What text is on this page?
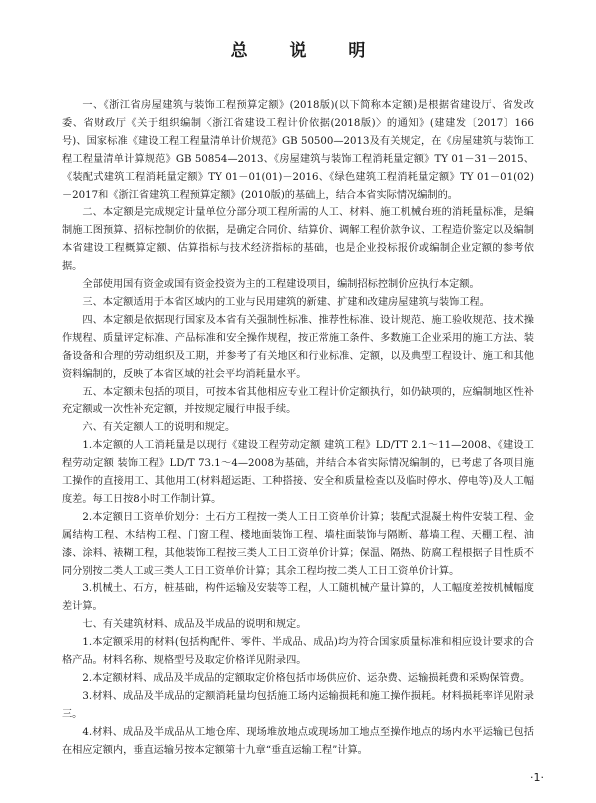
总 说 明

一、《浙江省房屋建筑与装饰工程预算定额》(2018版)(以下简称本定额)是根据省建设厅、省发改委、省财政厅《关于组织编制〈浙江省建设工程计价依据(2018版)〉的通知》(建建发〔2017〕166号)、国家标准《建设工程工程量清单计价规范》GB 50500—2013及有关规定，在《房屋建筑与装饰工程工程量清单计算规范》GB 50854—2013、《房屋建筑与装饰工程消耗量定额》TY 01－31－2015、《装配式建筑工程消耗量定额》TY 01－01(01)－2016、《绿色建筑工程消耗量定额》TY 01－01(02)－2017和《浙江省建筑工程预算定额》(2010版)的基础上，结合本省实际情况编制的。

二、本定额是完成规定计量单位分部分项工程所需的人工、材料、施工机械台班的消耗量标准，是编制施工图预算、招标控制价的依据，是确定合同价、结算价、调解工程价款争议、工程造价鉴定以及编制本省建设工程概算定额、估算指标与技术经济指标的基础，也是企业投标报价或编制企业定额的参考依据。

全部使用国有资金或国有资金投资为主的工程建设项目，编制招标控制价应执行本定额。

三、本定额适用于本省区域内的工业与民用建筑的新建、扩建和改建房屋建筑与装饰工程。

四、本定额是依据现行国家及本省有关强制性标准、推荐性标准、设计规范、施工验收规范、技术操作规程、质量评定标准、产品标准和安全操作规程，按正常施工条件、多数施工企业采用的施工方法、装备设备和合理的劳动组织及工期，并参考了有关地区和行业标准、定额，以及典型工程设计、施工和其他资料编制的，反映了本省区域的社会平均消耗量水平。

五、本定额未包括的项目，可按本省其他相应专业工程计价定额执行，如仍缺项的，应编制地区性补充定额或一次性补充定额，并按规定履行申报手续。

六、有关定额人工的说明和规定。

1.本定额的人工消耗量是以现行《建设工程劳动定额 建筑工程》LD/TT 2.1～11—2008、《建设工程劳动定额 装饰工程》LD/T 73.1～4—2008为基础，并结合本省实际情况编制的，已考虑了各项目施工操作的直接用工、其他用工(材料超运距、工种搭接、安全和质量检查以及临时停水、停电等)及人工幅度差。每工日按8小时工作制计算。

2.本定额日工资单价划分：土石方工程按一类人工日工资单价计算；装配式混凝土构件安装工程、金属结构工程、木结构工程、门窗工程、楼地面装饰工程、墙柱面装饰与隔断、幕墙工程、天棚工程、油漆、涂料、裱糊工程，其他装饰工程按三类人工日工资单价计算；保温、隔热、防腐工程根据子目性质不同分别按二类人工或三类人工日工资单价计算；其余工程均按二类人工日工资单价计算。

3.机械土、石方，桩基础，构件运输及安装等工程，人工随机械产量计算的，人工幅度差按机械幅度差计算。

七、有关建筑材料、成品及半成品的说明和规定。

1.本定额采用的材料(包括构配件、零件、半成品、成品)均为符合国家质量标准和相应设计要求的合格产品。材料名称、规格型号及取定价格详见附录四。

2.本定额材料、成品及半成品的定额取定价格包括市场供应价、运杂费、运输损耗费和采购保管费。

3.材料、成品及半成品的定额消耗量均包括施工场内运输损耗和施工操作损耗。材料损耗率详见附录三。

4.材料、成品及半成品从工地仓库、现场堆放地点或现场加工地点至操作地点的场内水平运输已包括在相应定额内，垂直运输另按本定额第十九章“垂直运输工程”计算。

·1·
